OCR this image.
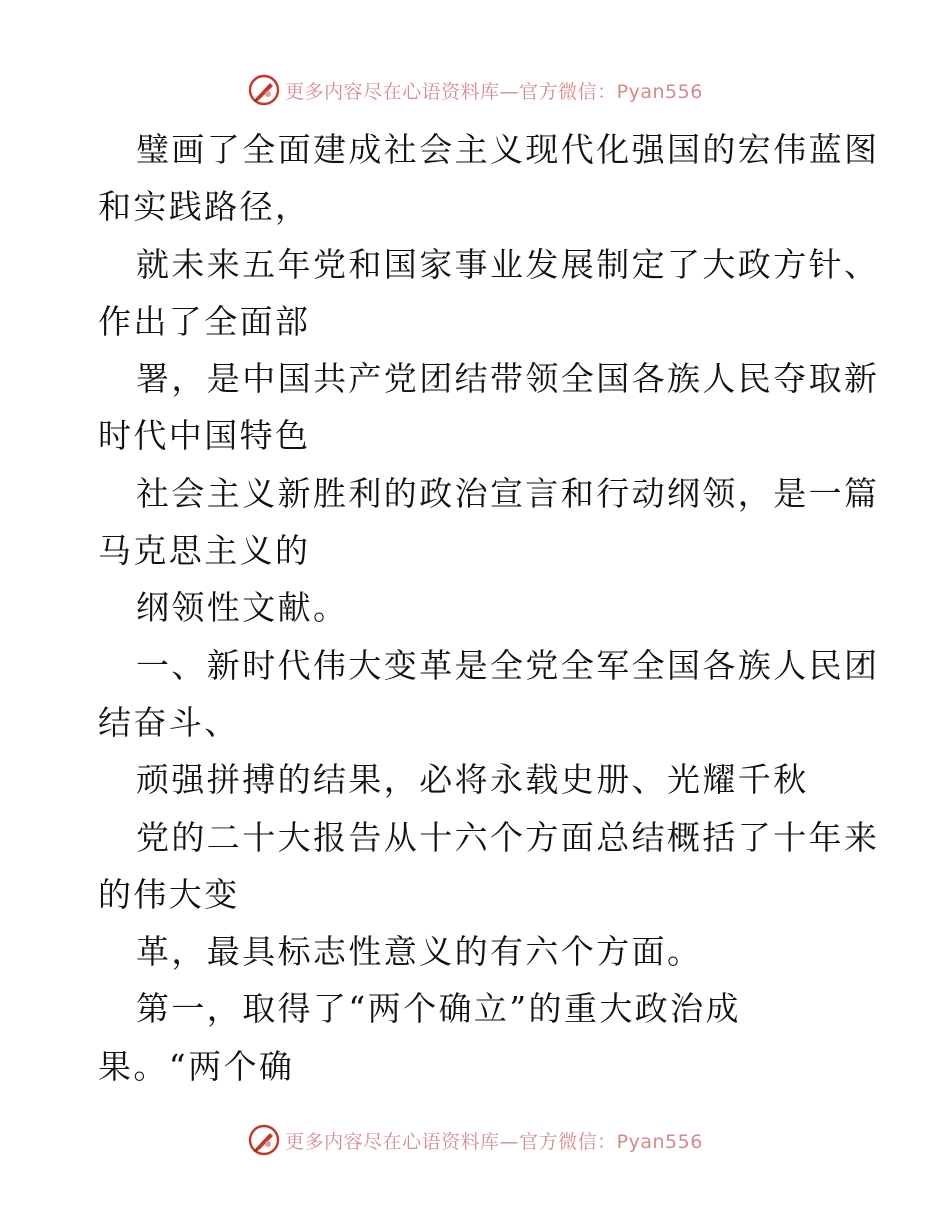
更多内容尽在心语资料库—官方微信：Pyan556
璧画了全面建成社会主义现代化强国的宏伟蓝图
和实践路径，
就未来五年党和国家事业发展制定了大政方针、
作出了全面部
署，是中国共产党团结带领全国各族人民夺取新
时代中国特色
社会主义新胜利的政治宣言和行动纲领，是一篇
马克思主义的
纲领性文献。
一、新时代伟大变革是全党全军全国各族人民团
结奋斗、
顽强拼搏的结果，必将永载史册、光耀千秋
党的二十大报告从十六个方面总结概括了十年来
的伟大变
革，最具标志性意义的有六个方面。
第一，取得了“两个确立”的重大政治成
果。“两个确
更多内容尽在心语资料库—官方微信：Pyan556
